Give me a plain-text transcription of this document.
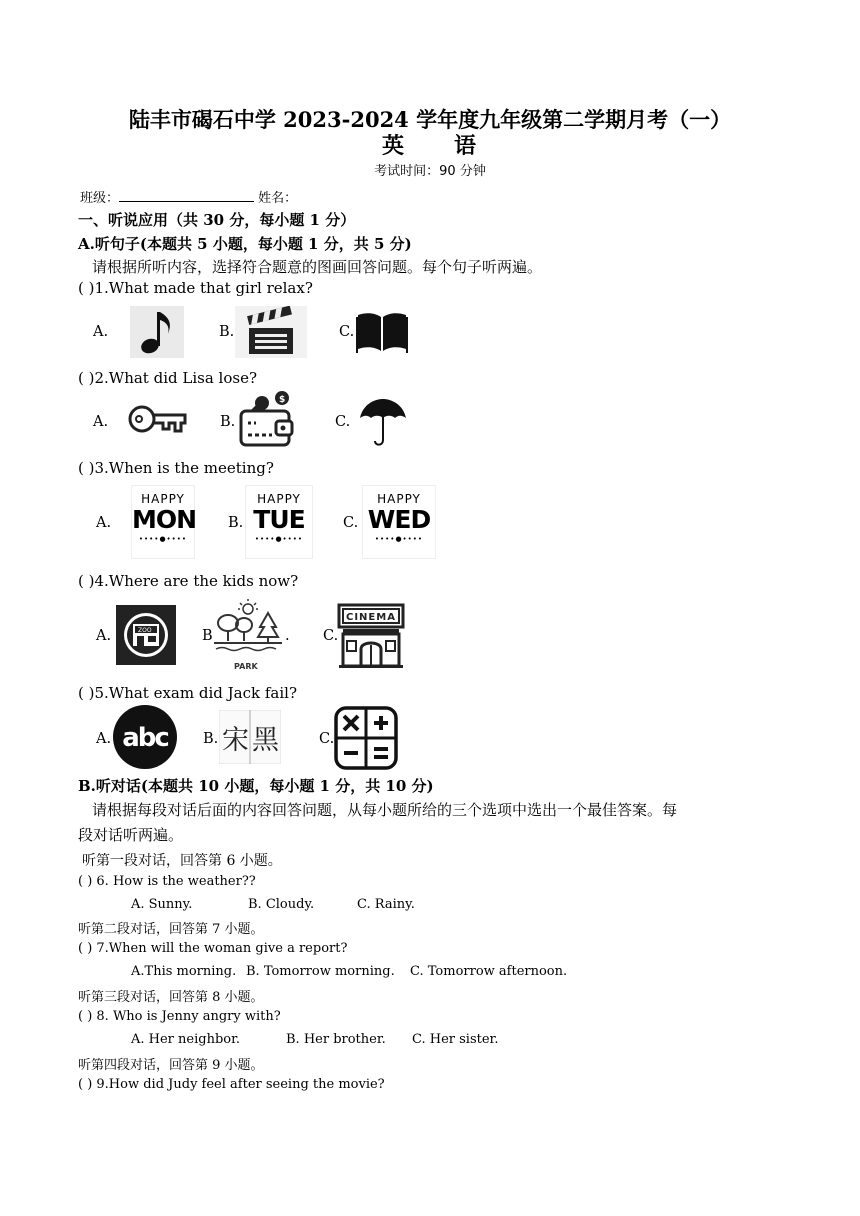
陆丰市碣石中学 2023-2024 学年度九年级第二学期月考（一）
英　　语
考试时间：90 分钟
班级：	姓名：
一、听说应用（共 30 分，每小题 1 分）
A.听句子(本题共 5 小题，每小题 1 分，共 5 分)
请根据所听内容，选择符合题意的图画回答问题。每个句子听两遍。
( )1.What made that girl relax?
A.	B.	C.
( )2.What did Lisa lose?
A.	B.
$
C.
( )3.When is the meeting?
A.
HAPPY
MON
••••●••••
B.
HAPPY
TUE
••••●••••
C.
HAPPY
WED
••••●••••
( )4.Where are the kids now?
A.	ZOO	B
PARK
. C.
CINEMA
( )5.What exam did Jack fail?
A. abc B. 宋 黑	C.
B.听对话(本题共 10 小题，每小题 1 分，共 10 分)
请根据每段对话后面的内容回答问题，从每小题所给的三个选项中选出一个最佳答案。每
段对话听两遍。
听第一段对话，回答第 6 小题。
( ) 6. How is the weather??
A. Sunny.	B. Cloudy.	C. Rainy.
听第二段对话，回答第 7 小题。
( ) 7.When will the woman give a report?
A.This morning. B. Tomorrow morning. C. Tomorrow afternoon.
听第三段对话，回答第 8 小题。
( ) 8. Who is Jenny angry with?
A. Her neighbor.	B. Her brother. C. Her sister.
听第四段对话，回答第 9 小题。
( ) 9.How did Judy feel after seeing the movie?
